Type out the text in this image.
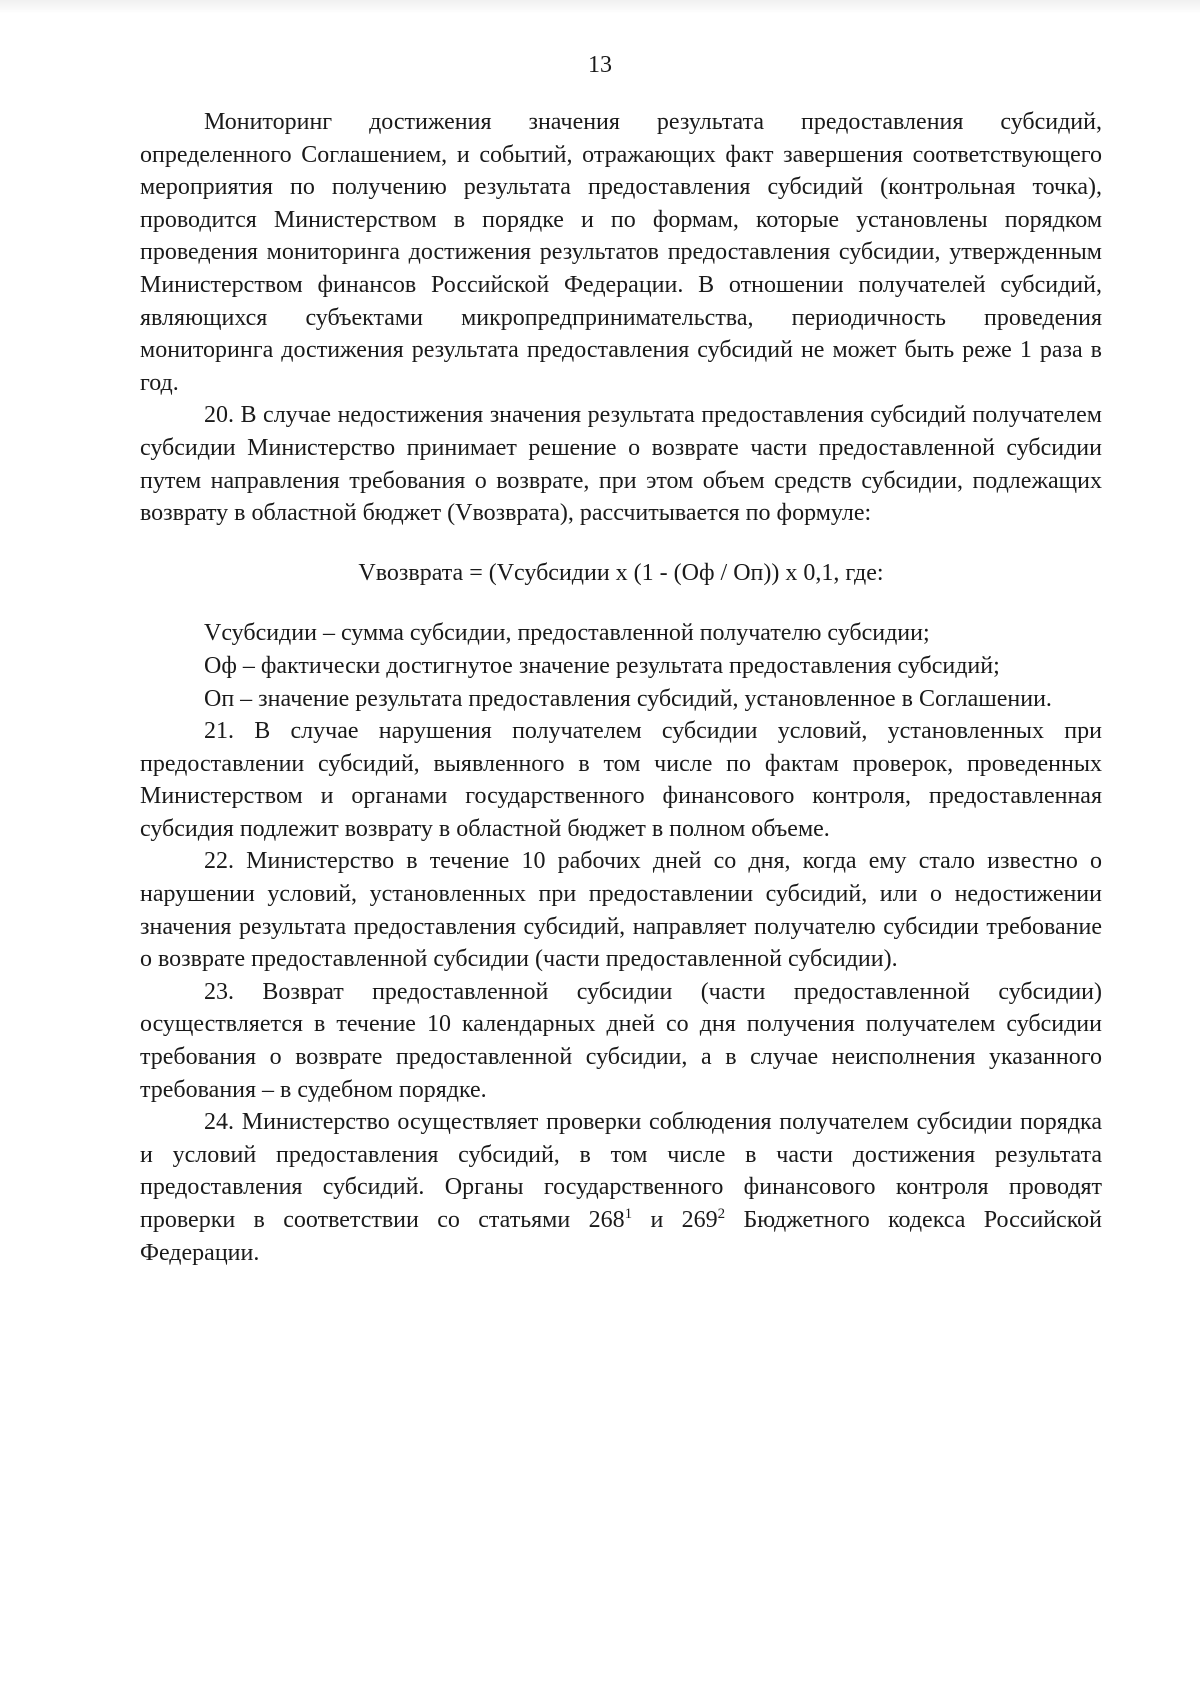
13

Мониторинг достижения значения результата предоставления субсидий, определенного Соглашением, и событий, отражающих факт завершения соответствующего мероприятия по получению результата предоставления субсидий (контрольная точка), проводится Министерством в порядке и по формам, которые установлены порядком проведения мониторинга достижения результатов предоставления субсидии, утвержденным Министерством финансов Российской Федерации. В отношении получателей субсидий, являющихся субъектами микропредпринимательства, периодичность проведения мониторинга достижения результата предоставления субсидий не может быть реже 1 раза в год.

20. В случае недостижения значения результата предоставления субсидий получателем субсидии Министерство принимает решение о возврате части предоставленной субсидии путем направления требования о возврате, при этом объем средств субсидии, подлежащих возврату в областной бюджет (Vвозврата), рассчитывается по формуле:

Vвозврата = (Vсубсидии x (1 - (Оф / Оп)) x 0,1, где:

Vсубсидии – сумма субсидии, предоставленной получателю субсидии;

Оф – фактически достигнутое значение результата предоставления субсидий;

Оп – значение результата предоставления субсидий, установленное в Соглашении.

21. В случае нарушения получателем субсидии условий, установленных при предоставлении субсидий, выявленного в том числе по фактам проверок, проведенных Министерством и органами государственного финансового контроля, предоставленная субсидия подлежит возврату в областной бюджет в полном объеме.

22. Министерство в течение 10 рабочих дней со дня, когда ему стало известно о нарушении условий, установленных при предоставлении субсидий, или о недостижении значения результата предоставления субсидий, направляет получателю субсидии требование о возврате предоставленной субсидии (части предоставленной субсидии).

23. Возврат предоставленной субсидии (части предоставленной субсидии) осуществляется в течение 10 календарных дней со дня получения получателем субсидии требования о возврате предоставленной субсидии, а в случае неисполнения указанного требования – в судебном порядке.

24. Министерство осуществляет проверки соблюдения получателем субсидии порядка и условий предоставления субсидий, в том числе в части достижения результата предоставления субсидий. Органы государственного финансового контроля проводят проверки в соответствии со статьями $268^1$ и $269^2$ Бюджетного кодекса Российской Федерации.
